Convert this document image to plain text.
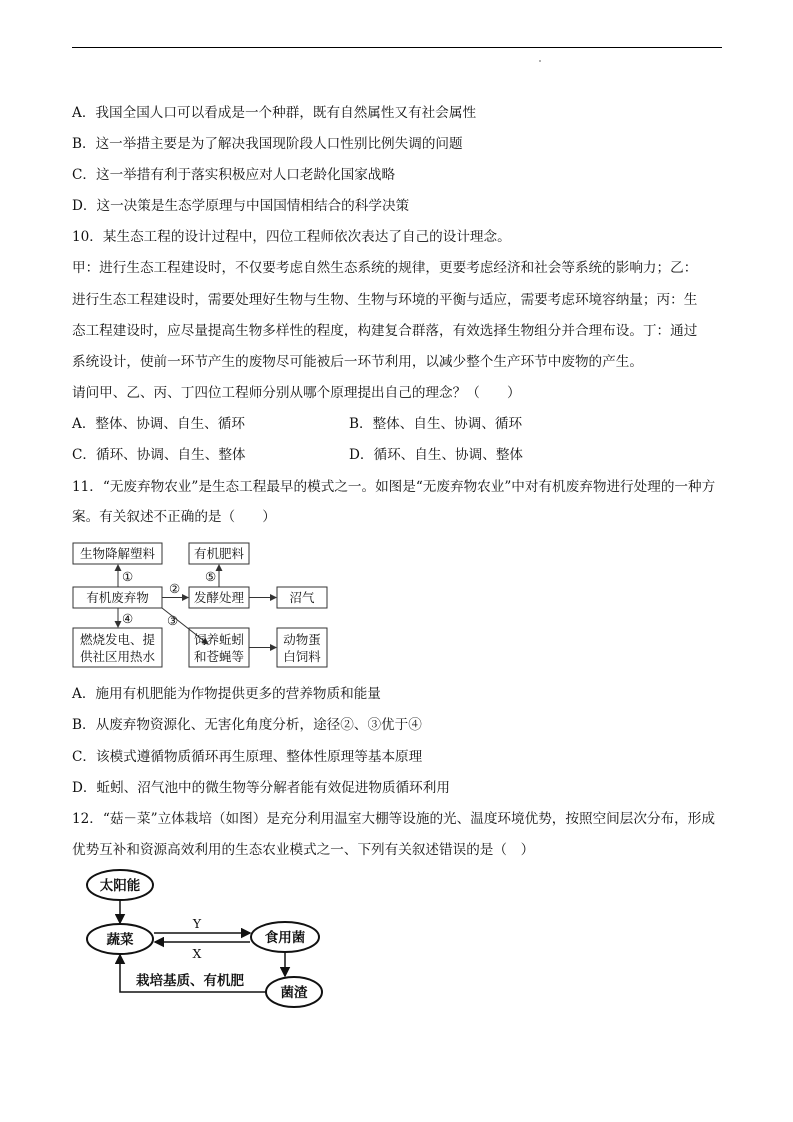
A．我国全国人口可以看成是一个种群，既有自然属性又有社会属性
B．这一举措主要是为了解决我国现阶段人口性别比例失调的问题
C．这一举措有利于落实积极应对人口老龄化国家战略
D．这一决策是生态学原理与中国国情相结合的科学决策
10．某生态工程的设计过程中，四位工程师依次表达了自己的设计理念。
甲：进行生态工程建设时，不仅要考虑自然生态系统的规律，更要考虑经济和社会等系统的影响力；乙：
进行生态工程建设时，需要处理好生物与生物、生物与环境的平衡与适应，需要考虑环境容纳量；丙：生
态工程建设时，应尽量提高生物多样性的程度，构建复合群落，有效选择生物组分并合理布设。丁：通过
系统设计，使前一环节产生的废物尽可能被后一环节利用，以减少整个生产环节中废物的产生。
请问甲、乙、丙、丁四位工程师分别从哪个原理提出自己的理念？（　　）
A．整体、协调、自生、循环	B．整体、自生、协调、循环
C．循环、协调、自生、整体	D．循环、自生、协调、整体
11．“无废弃物农业”是生态工程最早的模式之一。如图是“无废弃物农业”中对有机废弃物进行处理的一种方
案。有关叙述不正确的是（　　）
生物降解塑料	有机肥料
有机废弃物	发酵处理	沼气
燃烧发电、提
供社区用热水
饲养蚯蚓
和苍蝇等
动物蛋
白饲料
①
②
③
④
⑤
A．施用有机肥能为作物提供更多的营养物质和能量
B．从废弃物资源化、无害化角度分析，途径②、③优于④
C．该模式遵循物质循环再生原理、整体性原理等基本原理
D．蚯蚓、沼气池中的微生物等分解者能有效促进物质循环利用
12．“菇－菜”立体栽培（如图）是充分利用温室大棚等设施的光、温度环境优势，按照空间层次分布，形成
优势互补和资源高效利用的生态农业模式之一、下列有关叙述错误的是（　）
太阳能
蔬菜	食用菌
菌渣
Y
X
栽培基质、有机肥
